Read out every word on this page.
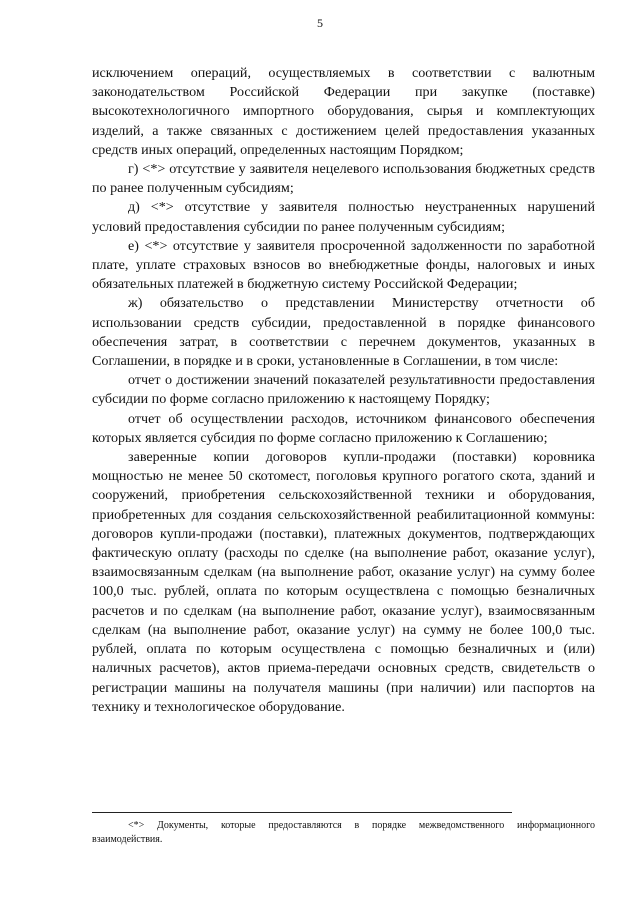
5

исключением операций, осуществляемых в соответствии с валютным законодательством Российской Федерации при закупке (поставке) высокотехнологичного импортного оборудования, сырья и комплектующих изделий, а также связанных с достижением целей предоставления указанных средств иных операций, определенных настоящим Порядком;

г) <*> отсутствие у заявителя нецелевого использования бюджетных средств по ранее полученным субсидиям;

д) <*> отсутствие у заявителя полностью неустраненных нарушений условий предоставления субсидии по ранее полученным субсидиям;

е) <*> отсутствие у заявителя просроченной задолженности по заработной плате, уплате страховых взносов во внебюджетные фонды, налоговых и иных обязательных платежей в бюджетную систему Российской Федерации;

ж) обязательство о представлении Министерству отчетности об использовании средств субсидии, предоставленной в порядке финансового обеспечения затрат, в соответствии с перечнем документов, указанных в Соглашении, в порядке и в сроки, установленные в Соглашении, в том числе:

отчет о достижении значений показателей результативности предоставления субсидии по форме согласно приложению к настоящему Порядку;

отчет об осуществлении расходов, источником финансового обеспечения которых является субсидия по форме согласно приложению к Соглашению;

заверенные копии договоров купли-продажи (поставки) коровника мощностью не менее 50 скотомест, поголовья крупного рогатого скота, зданий и сооружений, приобретения сельскохозяйственной техники и оборудования, приобретенных для создания сельскохозяйственной реабилитационной коммуны: договоров купли-продажи (поставки), платежных документов, подтверждающих фактическую оплату (расходы по сделке (на выполнение работ, оказание услуг), взаимосвязанным сделкам (на выполнение работ, оказание услуг) на сумму более 100,0 тыс. рублей, оплата по которым осуществлена с помощью безналичных расчетов и по сделкам (на выполнение работ, оказание услуг), взаимосвязанным сделкам (на выполнение работ, оказание услуг) на сумму не более 100,0 тыс. рублей, оплата по которым осуществлена с помощью безналичных и (или) наличных расчетов), актов приема-передачи основных средств, свидетельств о регистрации машины на получателя машины (при наличии) или паспортов на технику и технологическое оборудование.

<*> Документы, которые предоставляются в порядке межведомственного информационного взаимодействия.
